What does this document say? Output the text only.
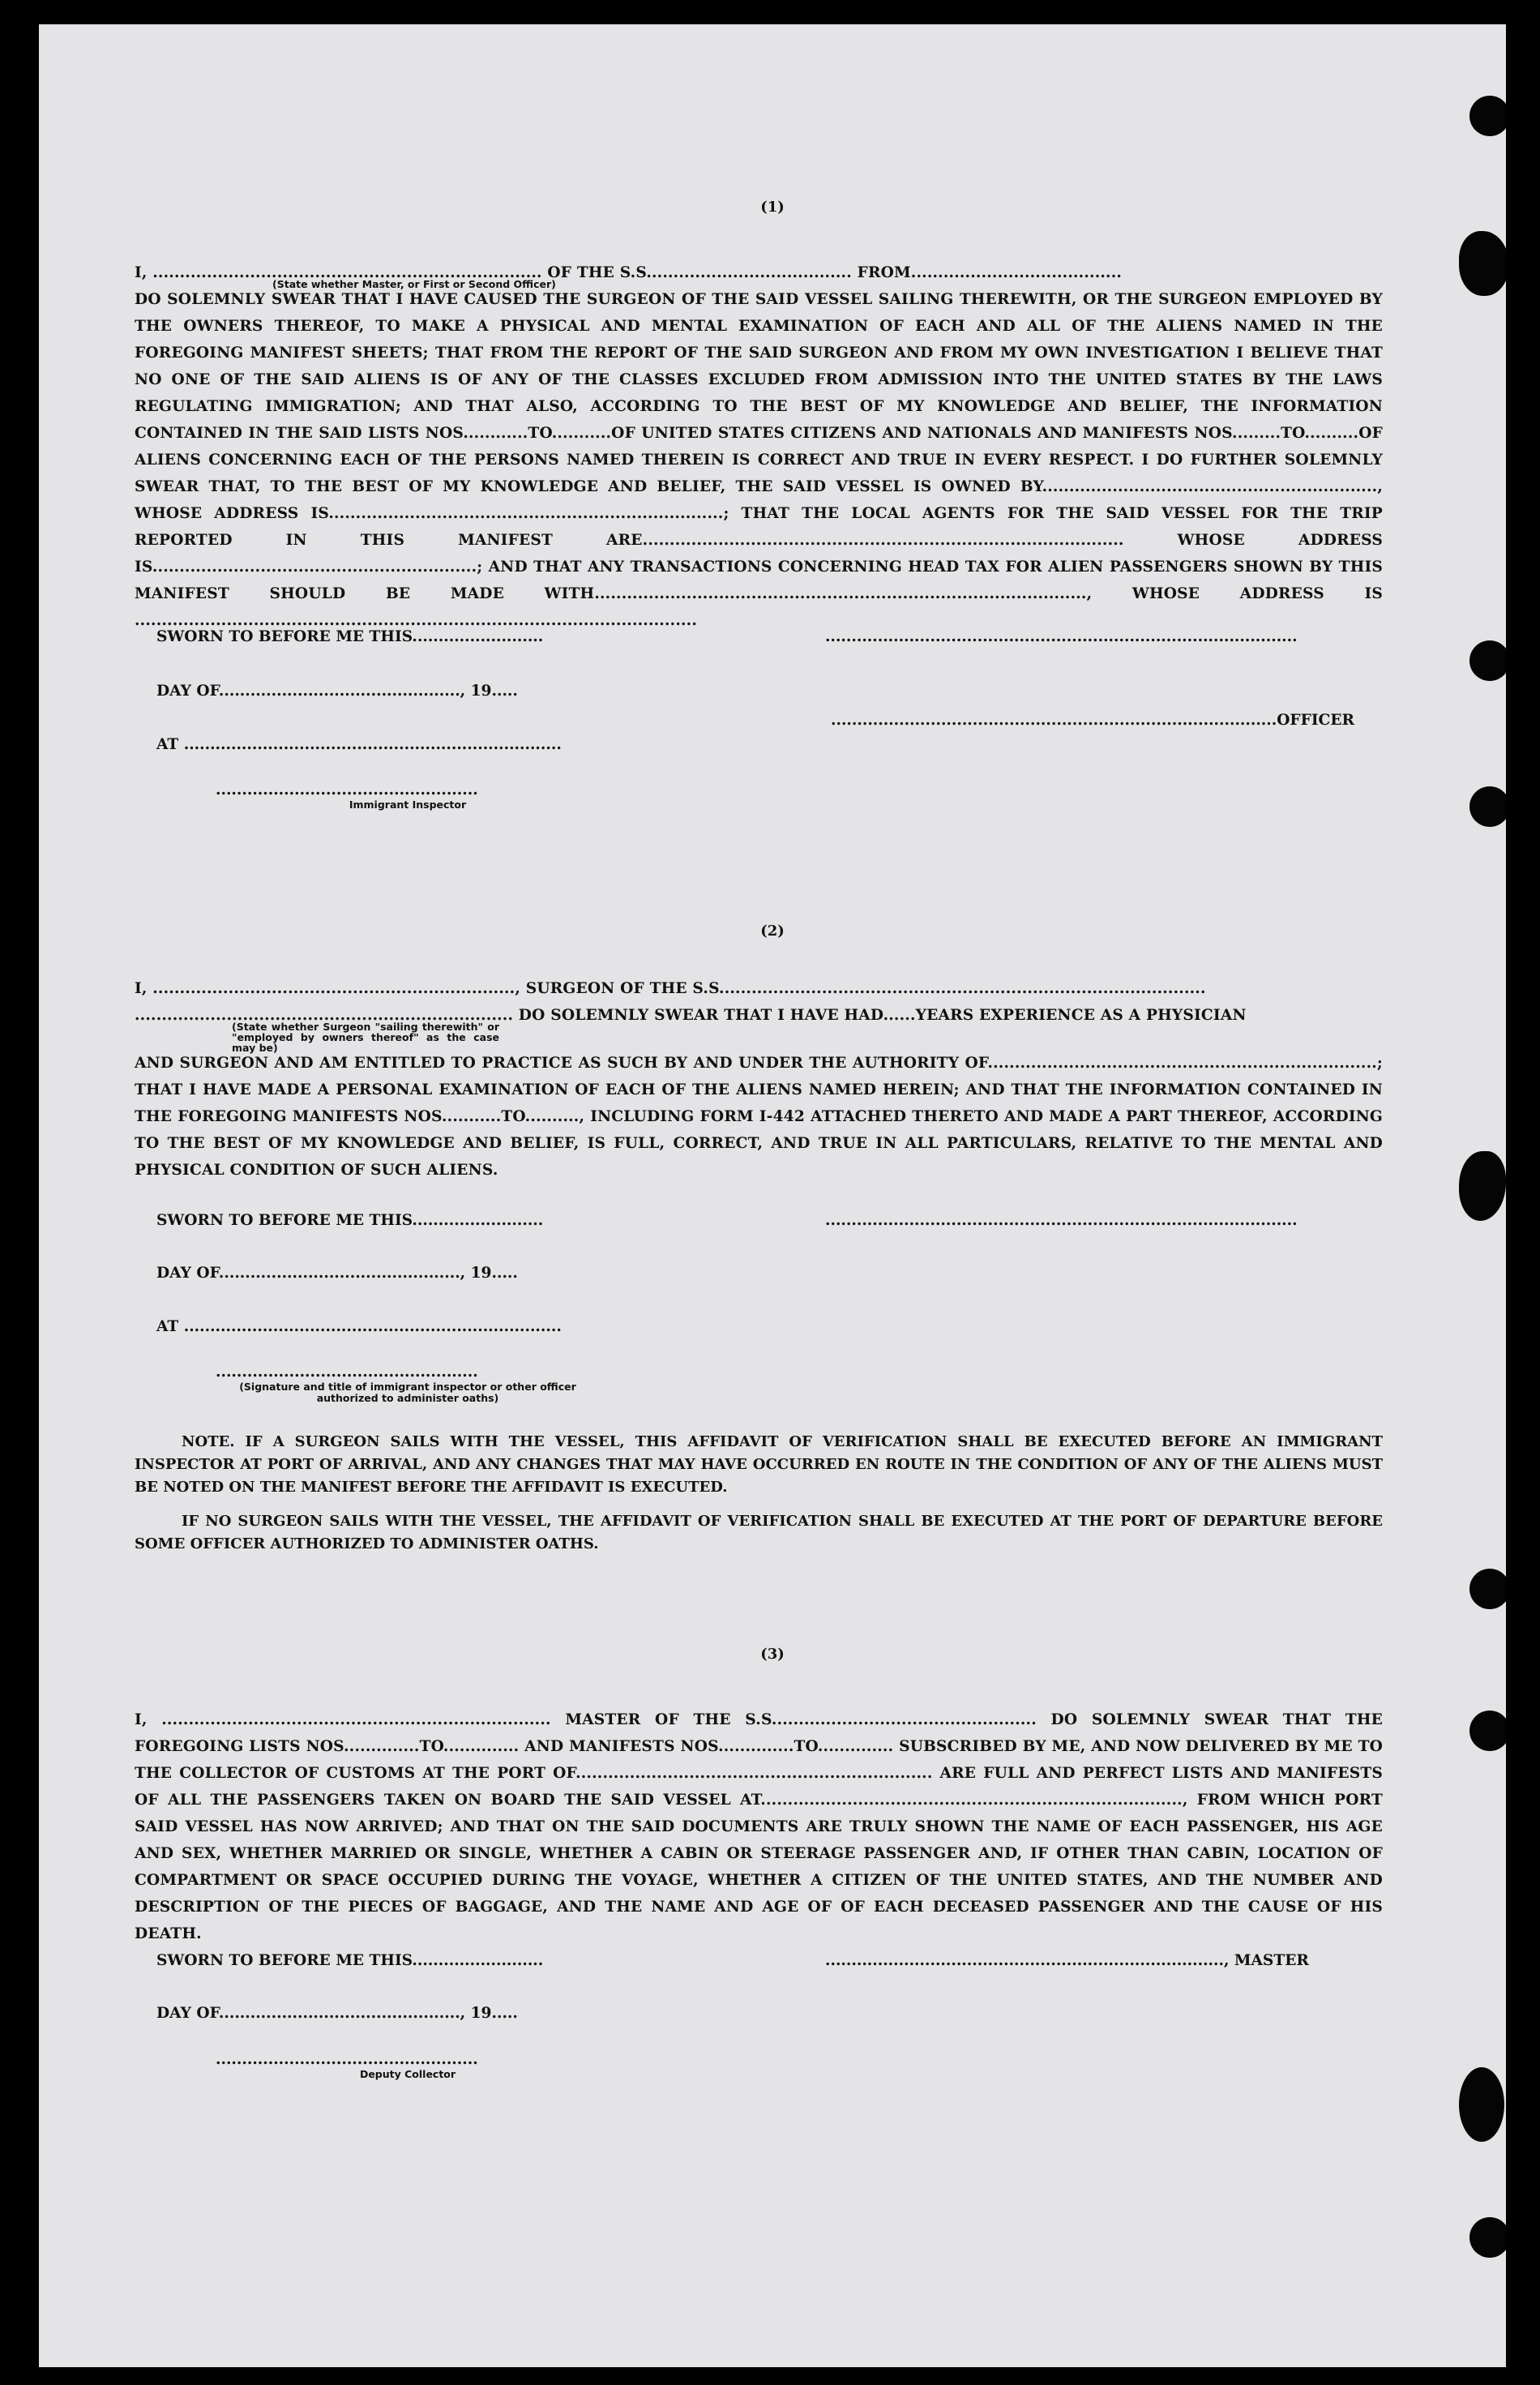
(1)

I, ........................................................................ OF THE S.S...................................... FROM.......................................

(State whether Master, or First or Second Officer)

DO SOLEMNLY SWEAR THAT I HAVE CAUSED THE SURGEON OF THE SAID VESSEL SAILING THEREWITH, OR THE SURGEON EMPLOYED BY THE OWNERS THEREOF, TO MAKE A PHYSICAL AND MENTAL EXAMINATION OF EACH AND ALL OF THE ALIENS NAMED IN THE FOREGOING MANIFEST SHEETS; THAT FROM THE REPORT OF THE SAID SURGEON AND FROM MY OWN INVESTIGATION I BELIEVE THAT NO ONE OF THE SAID ALIENS IS OF ANY OF THE CLASSES EXCLUDED FROM ADMISSION INTO THE UNITED STATES BY THE LAWS REGULATING IMMIGRATION; AND THAT ALSO, ACCORDING TO THE BEST OF MY KNOWLEDGE AND BELIEF, THE INFORMATION CONTAINED IN THE SAID LISTS NOS............TO...........OF UNITED STATES CITIZENS AND NATIONALS AND MANIFESTS NOS.........TO..........OF ALIENS CONCERNING EACH OF THE PERSONS NAMED THEREIN IS CORRECT AND TRUE IN EVERY RESPECT. I DO FURTHER SOLEMNLY SWEAR THAT, TO THE BEST OF MY KNOWLEDGE AND BELIEF, THE SAID VESSEL IS OWNED BY.............................................................., WHOSE ADDRESS IS.........................................................................; THAT THE LOCAL AGENTS FOR THE SAID VESSEL FOR THE TRIP REPORTED IN THIS MANIFEST ARE......................................................................................... WHOSE ADDRESS IS............................................................; AND THAT ANY TRANSACTIONS CONCERNING HEAD TAX FOR ALIEN PASSENGERS SHOWN BY THIS MANIFEST SHOULD BE MADE WITH..........................................................................................., WHOSE ADDRESS IS ........................................................................................................

SWORN TO BEFORE ME THIS.........................
DAY OF.............................................., 19.....
AT ........................................................................
..................................................
Immigrant Inspector
..........................................................................................
.....................................................................................OFFICER
(2)

I, ..................................................................., SURGEON OF THE S.S..........................................................................................

...................................................................... DO SOLEMNLY SWEAR THAT I HAVE HAD......YEARS EXPERIENCE AS A PHYSICIAN

(State whether Surgeon "sailing therewith" or "employed by owners thereof" as the case may be)

AND SURGEON AND AM ENTITLED TO PRACTICE AS SUCH BY AND UNDER THE AUTHORITY OF........................................................................; THAT I HAVE MADE A PERSONAL EXAMINATION OF EACH OF THE ALIENS NAMED HEREIN; AND THAT THE INFORMATION CONTAINED IN THE FOREGOING MANIFESTS NOS...........TO.........., INCLUDING FORM I-442 ATTACHED THERETO AND MADE A PART THEREOF, ACCORDING TO THE BEST OF MY KNOWLEDGE AND BELIEF, IS FULL, CORRECT, AND TRUE IN ALL PARTICULARS, RELATIVE TO THE MENTAL AND PHYSICAL CONDITION OF SUCH ALIENS.

SWORN TO BEFORE ME THIS.........................
DAY OF.............................................., 19.....
AT ........................................................................
..................................................
(Signature and title of immigrant inspector or other officer authorized to administer oaths)
..........................................................................................

NOTE. IF A SURGEON SAILS WITH THE VESSEL, THIS AFFIDAVIT OF VERIFICATION SHALL BE EXECUTED BEFORE AN IMMIGRANT INSPECTOR AT PORT OF ARRIVAL, AND ANY CHANGES THAT MAY HAVE OCCURRED EN ROUTE IN THE CONDITION OF ANY OF THE ALIENS MUST BE NOTED ON THE MANIFEST BEFORE THE AFFIDAVIT IS EXECUTED.

IF NO SURGEON SAILS WITH THE VESSEL, THE AFFIDAVIT OF VERIFICATION SHALL BE EXECUTED AT THE PORT OF DEPARTURE BEFORE SOME OFFICER AUTHORIZED TO ADMINISTER OATHS.

(3)

I, ........................................................................ MASTER OF THE S.S................................................. DO SOLEMNLY SWEAR THAT THE FOREGOING LISTS NOS..............TO.............. AND MANIFESTS NOS..............TO.............. SUBSCRIBED BY ME, AND NOW DELIVERED BY ME TO THE COLLECTOR OF CUSTOMS AT THE PORT OF.................................................................. ARE FULL AND PERFECT LISTS AND MANIFESTS OF ALL THE PASSENGERS TAKEN ON BOARD THE SAID VESSEL AT.............................................................................., FROM WHICH PORT SAID VESSEL HAS NOW ARRIVED; AND THAT ON THE SAID DOCUMENTS ARE TRULY SHOWN THE NAME OF EACH PASSENGER, HIS AGE AND SEX, WHETHER MARRIED OR SINGLE, WHETHER A CABIN OR STEERAGE PASSENGER AND, IF OTHER THAN CABIN, LOCATION OF COMPARTMENT OR SPACE OCCUPIED DURING THE VOYAGE, WHETHER A CITIZEN OF THE UNITED STATES, AND THE NUMBER AND DESCRIPTION OF THE PIECES OF BAGGAGE, AND THE NAME AND AGE OF OF EACH DECEASED PASSENGER AND THE CAUSE OF HIS DEATH.

SWORN TO BEFORE ME THIS.........................
DAY OF.............................................., 19.....
..................................................
Deputy Collector
............................................................................, MASTER
